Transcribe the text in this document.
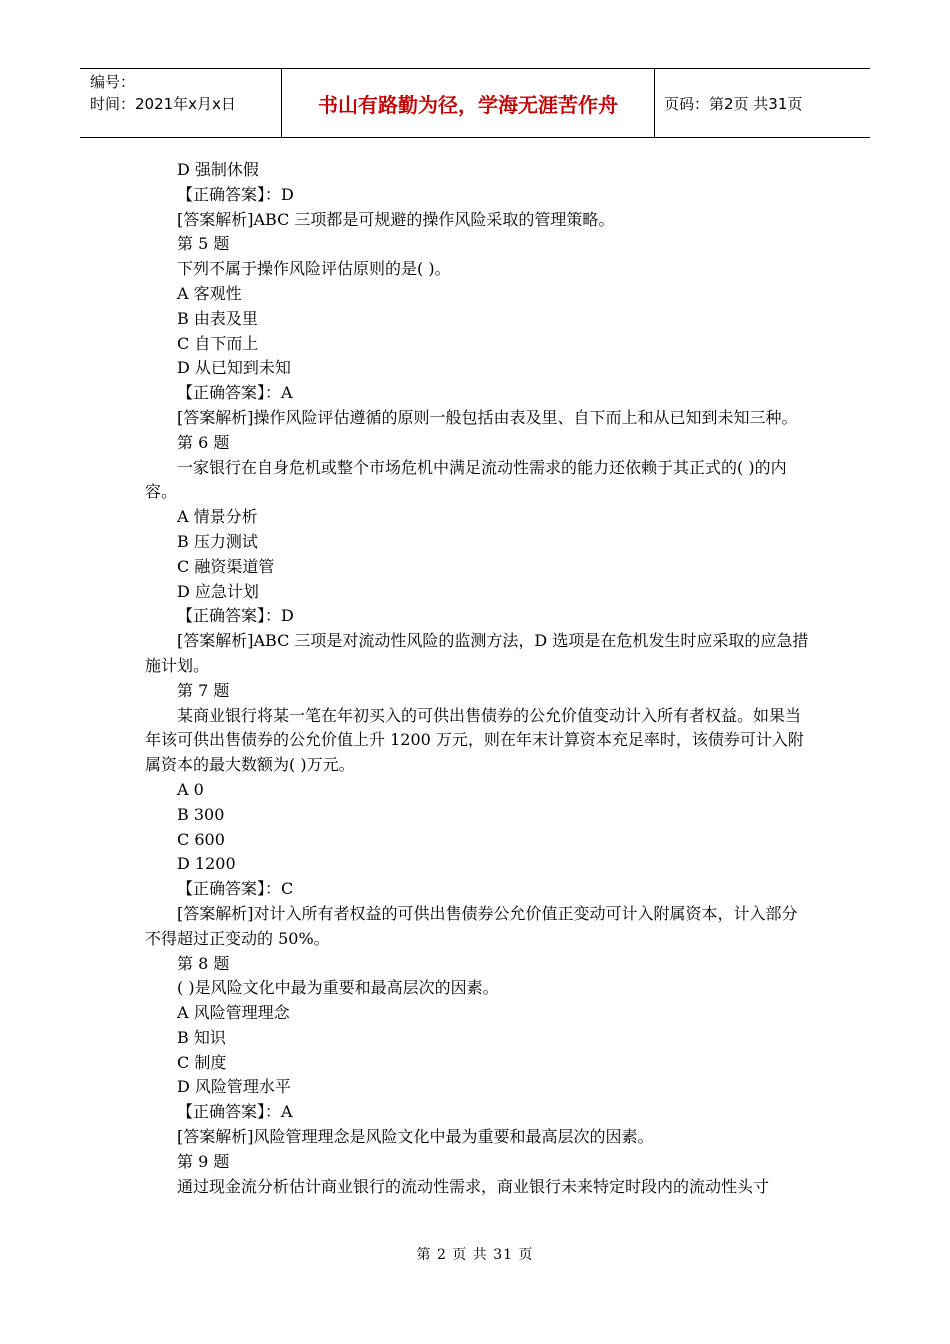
编号：
时间：2021年x月x日	书山有路勤为径，学海无涯苦作舟	页码：第2页 共31页

D 强制休假

【正确答案】：D

[答案解析]ABC 三项都是可规避的操作风险采取的管理策略。

第 5 题

下列不属于操作风险评估原则的是( )。

A 客观性

B 由表及里

C 自下而上

D 从已知到未知

【正确答案】：A

[答案解析]操作风险评估遵循的原则一般包括由表及里、自下而上和从已知到未知三种。

第 6 题

一家银行在自身危机或整个市场危机中满足流动性需求的能力还依赖于其正式的( )的内容。

A 情景分析

B 压力测试

C 融资渠道管

D 应急计划

【正确答案】：D

[答案解析]ABC 三项是对流动性风险的监测方法，D 选项是在危机发生时应采取的应急措施计划。

第 7 题

某商业银行将某一笔在年初买入的可供出售债券的公允价值变动计入所有者权益。如果当年该可供出售债券的公允价值上升 1200 万元，则在年末计算资本充足率时，该债券可计入附属资本的最大数额为( )万元。

A 0

B 300

C 600

D 1200

【正确答案】：C

[答案解析]对计入所有者权益的可供出售债券公允价值正变动可计入附属资本，计入部分不得超过正变动的 50%。

第 8 题

( )是风险文化中最为重要和最高层次的因素。

A 风险管理理念

B 知识

C 制度

D 风险管理水平

【正确答案】：A

[答案解析]风险管理理念是风险文化中最为重要和最高层次的因素。

第 9 题

通过现金流分析估计商业银行的流动性需求，商业银行未来特定时段内的流动性头寸

第 2 页 共 31 页
